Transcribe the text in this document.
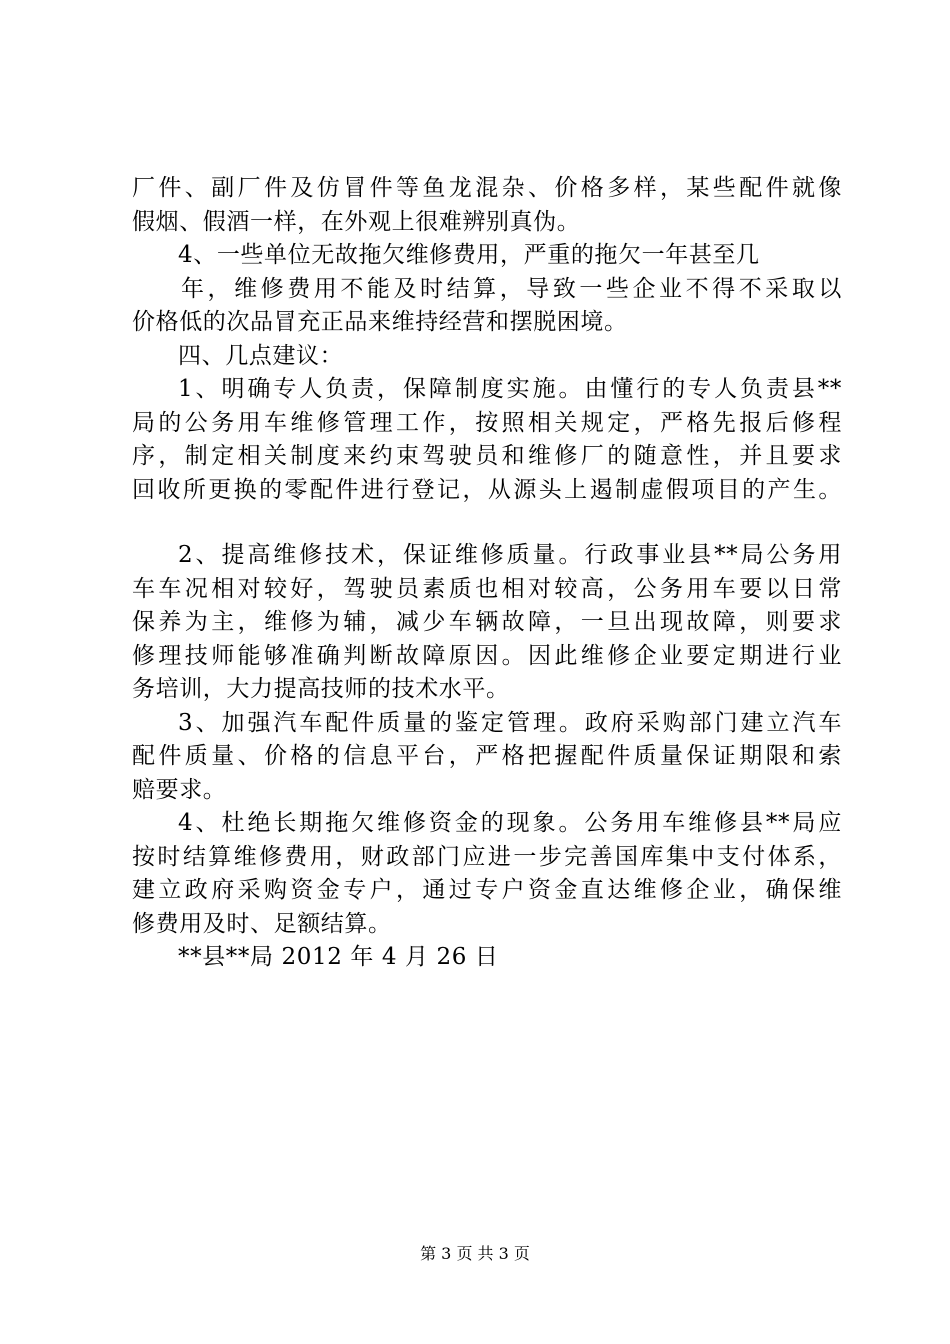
厂件、副厂件及仿冒件等鱼龙混杂、价格多样，某些配件就像
假烟、假酒一样，在外观上很难辨别真伪。
4、一些单位无故拖欠维修费用，严重的拖欠一年甚至几
年，维修费用不能及时结算，导致一些企业不得不采取以
价格低的次品冒充正品来维持经营和摆脱困境。
四、几点建议：
1、明确专人负责，保障制度实施。由懂行的专人负责县**
局的公务用车维修管理工作，按照相关规定，严格先报后修程
序，制定相关制度来约束驾驶员和维修厂的随意性，并且要求
回收所更换的零配件进行登记，从源头上遏制虚假项目的产生。
2、提高维修技术，保证维修质量。行政事业县**局公务用
车车况相对较好，驾驶员素质也相对较高，公务用车要以日常
保养为主，维修为辅，减少车辆故障，一旦出现故障，则要求
修理技师能够准确判断故障原因。因此维修企业要定期进行业
务培训，大力提高技师的技术水平。
3、加强汽车配件质量的鉴定管理。政府采购部门建立汽车
配件质量、价格的信息平台，严格把握配件质量保证期限和索
赔要求。
4、杜绝长期拖欠维修资金的现象。公务用车维修县**局应
按时结算维修费用，财政部门应进一步完善国库集中支付体系，
建立政府采购资金专户，通过专户资金直达维修企业，确保维
修费用及时、足额结算。
**县**局 2012 年 4 月 26 日
第 3 页 共 3 页
